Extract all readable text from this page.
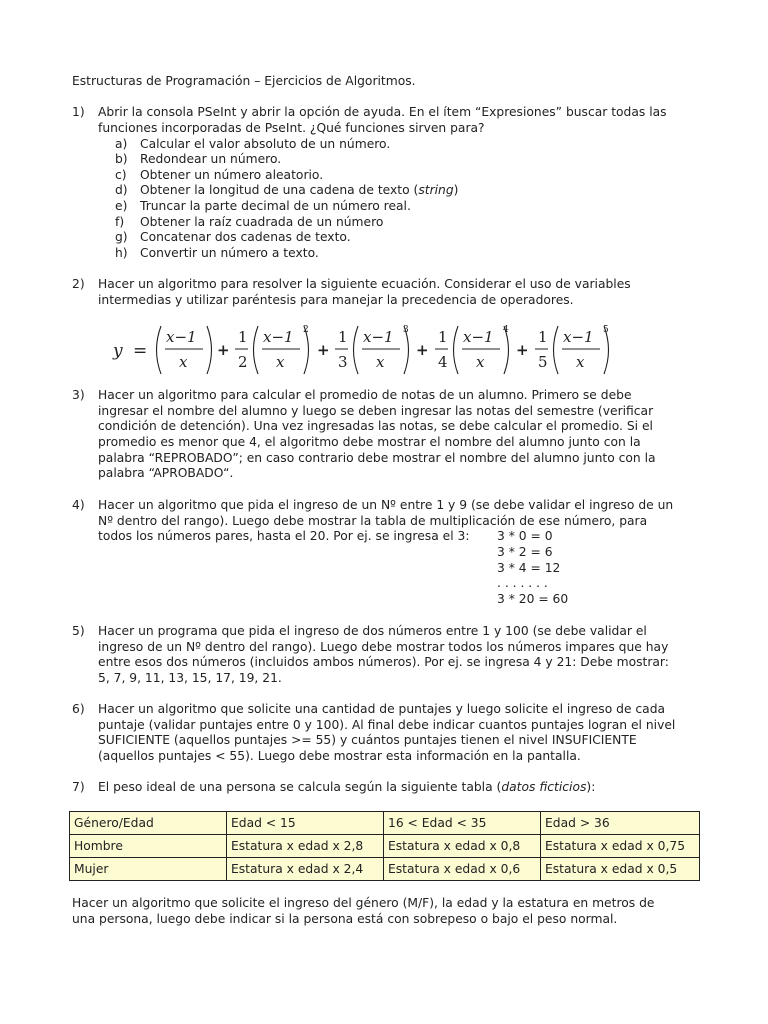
Estructuras de Programación – Ejercicios de Algoritmos.
1) Abrir la consola PSeInt y abrir la opción de ayuda. En el ítem “Expresiones” buscar todas las
funciones incorporadas de PseInt. ¿Qué funciones sirven para?
a) Calcular el valor absoluto de un número.
b) Redondear un número.
c) Obtener un número aleatorio.
d) Obtener la longitud de una cadena de texto (string)
e) Truncar la parte decimal de un número real.
f) Obtener la raíz cuadrada de un número
g) Concatenar dos cadenas de texto.
h) Convertir un número a texto.
2) Hacer un algoritmo para resolver la siguiente ecuación. Considerar el uso de variables
intermedias y utilizar paréntesis para manejar la precedencia de operadores.
y =
x−1
x
+
1
2
x−1
x
2
+
1
3
x−1
x
3
+
1
4
x−1
x
4
+
1
5
x−1
x
5
3) Hacer un algoritmo para calcular el promedio de notas de un alumno. Primero se debe
ingresar el nombre del alumno y luego se deben ingresar las notas del semestre (verificar
condición de detención). Una vez ingresadas las notas, se debe calcular el promedio. Si el
promedio es menor que 4, el algoritmo debe mostrar el nombre del alumno junto con la
palabra “REPROBADO”; en caso contrario debe mostrar el nombre del alumno junto con la
palabra “APROBADO“.
4) Hacer un algoritmo que pida el ingreso de un Nº entre 1 y 9 (se debe validar el ingreso de un
Nº dentro del rango). Luego debe mostrar la tabla de multiplicación de ese número, para
todos los números pares, hasta el 20. Por ej. se ingresa el 3: 3 * 0 = 0
3 * 2 = 6
3 * 4 = 12
. . . . . . .
3 * 20 = 60
5) Hacer un programa que pida el ingreso de dos números entre 1 y 100 (se debe validar el
ingreso de un Nº dentro del rango). Luego debe mostrar todos los números impares que hay
entre esos dos números (incluidos ambos números). Por ej. se ingresa 4 y 21: Debe mostrar:
5, 7, 9, 11, 13, 15, 17, 19, 21.
6) Hacer un algoritmo que solicite una cantidad de puntajes y luego solicite el ingreso de cada
puntaje (validar puntajes entre 0 y 100). Al final debe indicar cuantos puntajes logran el nivel
SUFICIENTE (aquellos puntajes >= 55) y cuántos puntajes tienen el nivel INSUFICIENTE
(aquellos puntajes < 55). Luego debe mostrar esta información en la pantalla.
7) El peso ideal de una persona se calcula según la siguiente tabla (datos ficticios):
Género/Edad	Edad < 15	16 < Edad < 35	Edad > 36
Hombre	Estatura x edad x 2,8	Estatura x edad x 0,8	Estatura x edad x 0,75
Mujer	Estatura x edad x 2,4	Estatura x edad x 0,6	Estatura x edad x 0,5
Hacer un algoritmo que solicite el ingreso del género (M/F), la edad y la estatura en metros de
una persona, luego debe indicar si la persona está con sobrepeso o bajo el peso normal.
